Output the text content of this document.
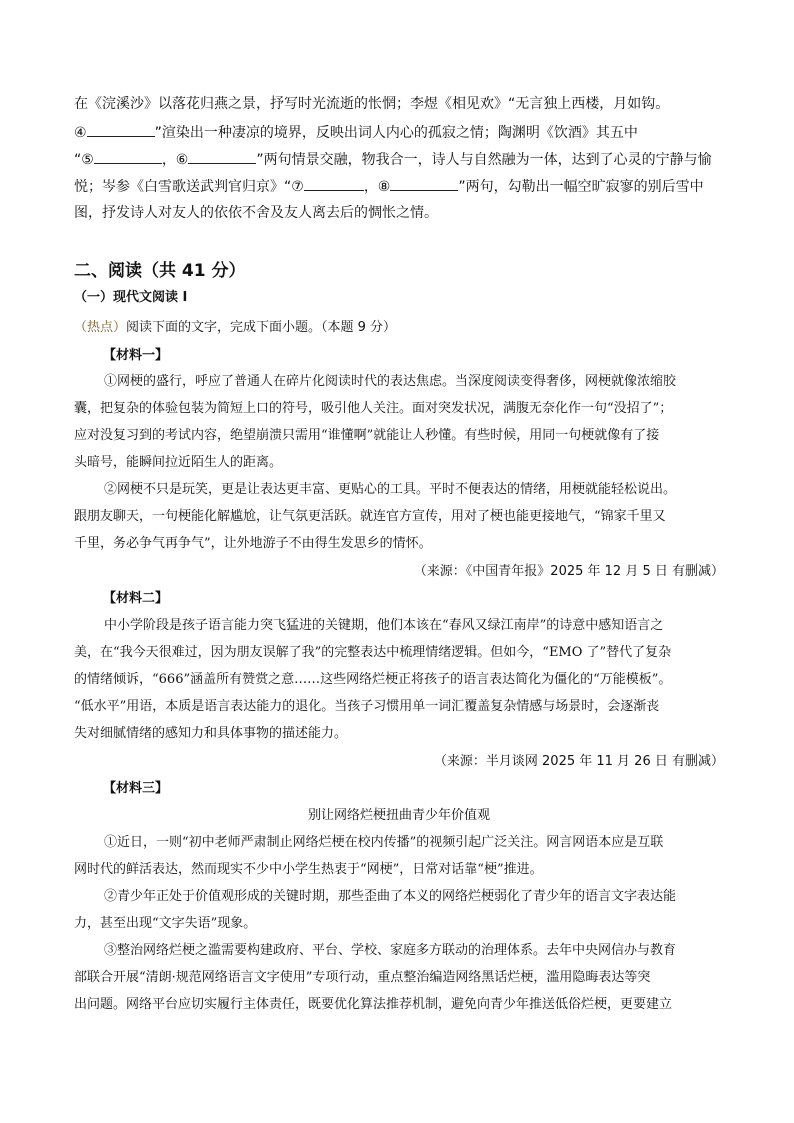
在《浣溪沙》以落花归燕之景，抒写时光流逝的怅惘；李煜《相见欢》“无言独上西楼，月如钩。
④	”渲染出一种凄凉的境界，反映出词人内心的孤寂之情；陶渊明《饮酒》其五中
“⑤	，⑥	”两句情景交融，物我合一，诗人与自然融为一体，达到了心灵的宁静与愉
悦；岑参《白雪歌送武判官归京》“⑦	，⑧	”两句，勾勒出一幅空旷寂寥的别后雪中
图，抒发诗人对友人的依依不舍及友人离去后的惆怅之情。
二、阅读（共 41 分）
（一）现代文阅读 I
（热点）阅读下面的文字，完成下面小题。（本题 9 分）
【材料一】
①网梗的盛行，呼应了普通人在碎片化阅读时代的表达焦虑。当深度阅读变得奢侈，网梗就像浓缩胶
囊，把复杂的体验包装为简短上口的符号，吸引他人关注。面对突发状况，满腹无奈化作一句“没招了”；
应对没复习到的考试内容，绝望崩溃只需用“谁懂啊”就能让人秒懂。有些时候，用同一句梗就像有了接
头暗号，能瞬间拉近陌生人的距离。
②网梗不只是玩笑，更是让表达更丰富、更贴心的工具。平时不便表达的情绪，用梗就能轻松说出。
跟朋友聊天，一句梗能化解尴尬，让气氛更活跃。就连官方宣传，用对了梗也能更接地气，“锦家千里又
千里，务必争气再争气”，让外地游子不由得生发思乡的情怀。
（来源：《中国青年报》2025 年 12 月 5 日 有删减）
【材料二】
中小学阶段是孩子语言能力突飞猛进的关键期，他们本该在“春风又绿江南岸”的诗意中感知语言之
美，在“我今天很难过，因为朋友误解了我”的完整表达中梳理情绪逻辑。但如今，“EMO 了”替代了复杂
的情绪倾诉，“666”涵盖所有赞赏之意……这些网络烂梗正将孩子的语言表达简化为僵化的“万能模板”。
“低水平”用语，本质是语言表达能力的退化。当孩子习惯用单一词汇覆盖复杂情感与场景时，会逐渐丧
失对细腻情绪的感知力和具体事物的描述能力。
（来源：半月谈网 2025 年 11 月 26 日 有删减）
【材料三】
别让网络烂梗扭曲青少年价值观
①近日，一则“初中老师严肃制止网络烂梗在校内传播”的视频引起广泛关注。网言网语本应是互联
网时代的鲜活表达，然而现实不少中小学生热衷于“网梗”，日常对话靠“梗”推进。
②青少年正处于价值观形成的关键时期，那些歪曲了本义的网络烂梗弱化了青少年的语言文字表达能
力，甚至出现“文字失语”现象。
③整治网络烂梗之滥需要构建政府、平台、学校、家庭多方联动的治理体系。去年中央网信办与教育
部联合开展“清朗·规范网络语言文字使用”专项行动，重点整治编造网络黑话烂梗，滥用隐晦表达等突
出问题。网络平台应切实履行主体责任，既要优化算法推荐机制，避免向青少年推送低俗烂梗，更要建立
